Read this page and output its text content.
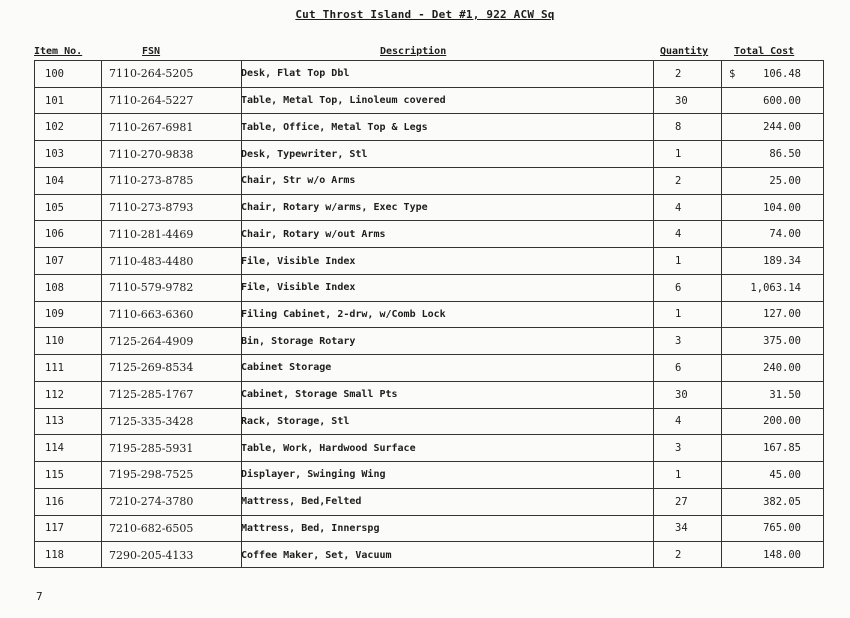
Cut Throst Island - Det #1, 922 ACW Sq
Item No.	FSN	Description	Quantity	Total Cost
100	7110-264-5205	Desk, Flat Top Dbl	2	106.48
$
101	7110-264-5227	Table, Metal Top, Linoleum covered	30	600.00
102	7110-267-6981	Table, Office, Metal Top & Legs	8	244.00
103	7110-270-9838	Desk, Typewriter, Stl	1	86.50
104	7110-273-8785	Chair, Str w/o Arms	2	25.00
105	7110-273-8793	Chair, Rotary w/arms, Exec Type	4	104.00
106	7110-281-4469	Chair, Rotary w/out Arms	4	74.00
107	7110-483-4480	File, Visible Index	1	189.34
108	7110-579-9782	File, Visible Index	6	1,063.14
109	7110-663-6360	Filing Cabinet, 2-drw, w/Comb Lock	1	127.00
110	7125-264-4909	Bin, Storage Rotary	3	375.00
111	7125-269-8534	Cabinet Storage	6	240.00
112	7125-285-1767	Cabinet, Storage Small Pts	30	31.50
113	7125-335-3428	Rack, Storage, Stl	4	200.00
114	7195-285-5931	Table, Work, Hardwood Surface	3	167.85
115	7195-298-7525	Displayer, Swinging Wing	1	45.00
116	7210-274-3780	Mattress, Bed,Felted	27	382.05
117	7210-682-6505	Mattress, Bed, Innerspg	34	765.00
118	7290-205-4133	Coffee Maker, Set, Vacuum	2	148.00
7
